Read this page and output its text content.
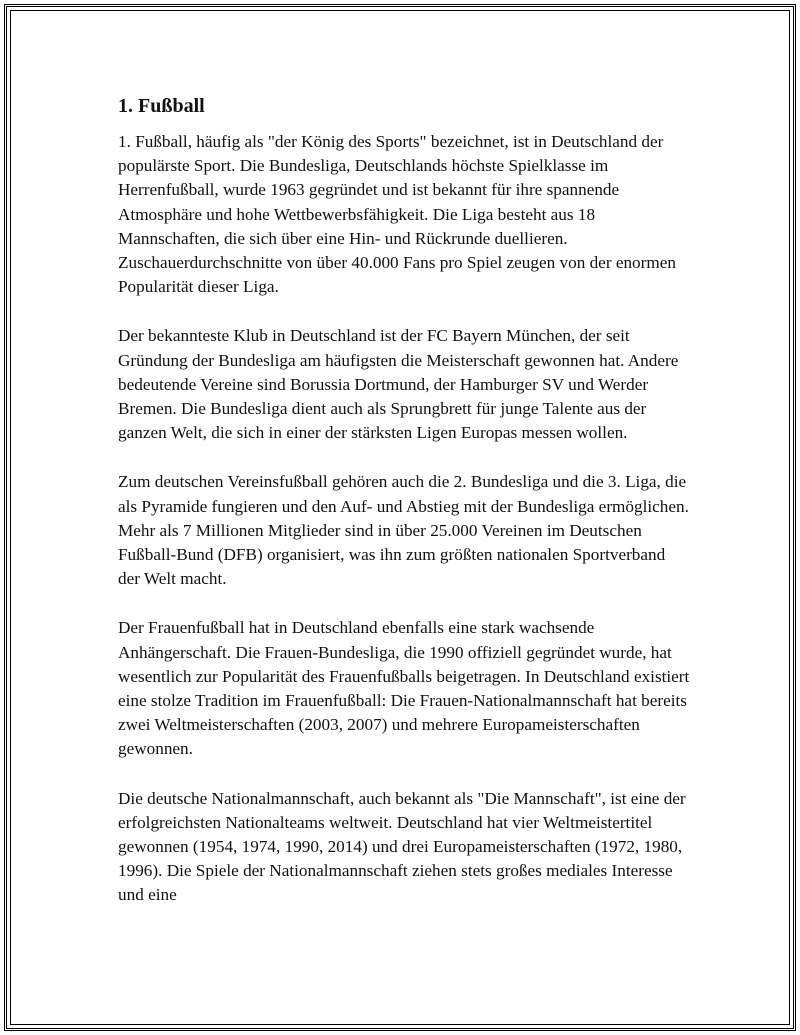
1. Fußball

1. Fußball, häufig als "der König des Sports" bezeichnet, ist in Deutschland der populärste Sport. Die Bundesliga, Deutschlands höchste Spielklasse im Herrenfußball, wurde 1963 gegründet und ist bekannt für ihre spannende Atmosphäre und hohe Wettbewerbsfähigkeit. Die Liga besteht aus 18 Mannschaften, die sich über eine Hin- und Rückrunde duellieren. Zuschauerdurchschnitte von über 40.000 Fans pro Spiel zeugen von der enormen Popularität dieser Liga.

Der bekannteste Klub in Deutschland ist der FC Bayern München, der seit Gründung der Bundesliga am häufigsten die Meisterschaft gewonnen hat. Andere bedeutende Vereine sind Borussia Dortmund, der Hamburger SV und Werder Bremen. Die Bundesliga dient auch als Sprungbrett für junge Talente aus der ganzen Welt, die sich in einer der stärksten Ligen Europas messen wollen.

Zum deutschen Vereinsfußball gehören auch die 2. Bundesliga und die 3. Liga, die als Pyramide fungieren und den Auf- und Abstieg mit der Bundesliga ermöglichen. Mehr als 7 Millionen Mitglieder sind in über 25.000 Vereinen im Deutschen Fußball-Bund (DFB) organisiert, was ihn zum größten nationalen Sportverband der Welt macht.

Der Frauenfußball hat in Deutschland ebenfalls eine stark wachsende Anhängerschaft. Die Frauen-Bundesliga, die 1990 offiziell gegründet wurde, hat wesentlich zur Popularität des Frauenfußballs beigetragen. In Deutschland existiert eine stolze Tradition im Frauenfußball: Die Frauen-Nationalmannschaft hat bereits zwei Weltmeisterschaften (2003, 2007) und mehrere Europameisterschaften gewonnen.

Die deutsche Nationalmannschaft, auch bekannt als "Die Mannschaft", ist eine der erfolgreichsten Nationalteams weltweit. Deutschland hat vier Weltmeistertitel gewonnen (1954, 1974, 1990, 2014) und drei Europameisterschaften (1972, 1980, 1996). Die Spiele der Nationalmannschaft ziehen stets großes mediales Interesse und eine
